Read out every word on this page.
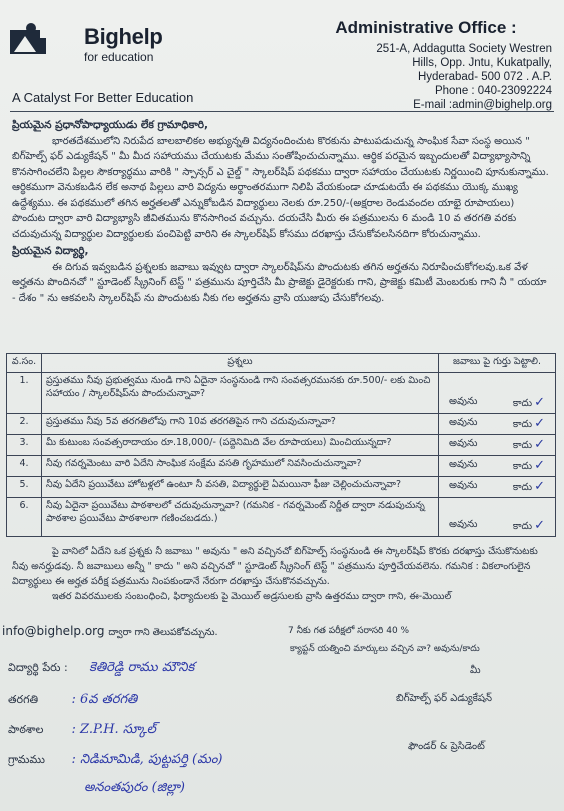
Bighelp
for education
A Catalyst For Better Education
Administrative Office :
251-A, Addagutta Society Westren
Hills, Opp. Jntu, Kukatpally,
Hyderabad- 500 072 . A.P.
Phone : 040-23092224
E-mail :admin@bighelp.org

ప్రియమైన ప్రధానోపాధ్యాయుడు లేక గ్రామాధికారి,

భారతదేశములోని నిరుపేద బాలబాలికల అభ్యున్నతి విద్యనందించుట కొరకును పాటుపడుచున్న సాంఘిక సేవా సంస్థ అయిన " బిగ్‌హెల్ప్ ఫర్ ఎడ్యుకేషన్ " మీ మీద సహాయము చేయుటకు మేము సంతోషించుచున్నాము. ఆర్థిక పరమైన ఇబ్బందులతో విద్యాభ్యాసాన్ని కొనసాగించలేని పిల్లల సౌకర్యార్థము వారికి " స్పాన్సర్ ఎ చైల్డ్ " స్కాలర్‌షిప్ పథకము ద్వారా సహాయం చేయుటకు నిర్ణయించి పూనుకున్నాము. ఆర్థికముగా వెనుకబడిన లేక అనాథ పిల్లలు వారి విద్యను అర్థాంతరముగా నిలిపి వేయకుండా చూడుటయే ఈ పథకము యొక్క ముఖ్య ఉద్దేశ్యము. ఈ పథకములో తగిన అర్హతలతో ఎన్నుకోబడిన విద్యార్థులు నెలకు రూ.250/-(అక్షరాల రెండువందల యాభై రూపాయలు) పొందుట ద్వారా వారి విద్యాభ్యాసి జీవితమును కొనసాగించ వచ్చును. దయచేసి మీరు ఈ పత్రములను 6 మండి 10 వ తరగతి వరకు చదువుచున్న విద్యార్థుల విద్యార్థులకు పంచిపెట్టి వారిని ఈ స్కాలర్‌షిప్ కోసము దరఖాస్తు చేసుకోవలసినదిగా కోరుచున్నాము.

ప్రియమైన విద్యార్థి,

ఈ దిగువ ఇవ్వబడిన ప్రశ్నలకు జవాబు ఇవ్వుట ద్వారా స్కాలర్‌షిప్‌ను పొందుటకు తగిన అర్హతను నిరూపించుకోగలవు.ఒక వేళ అర్హతను పొందినచో " స్టూడెంట్ స్క్రీనింగ్ టెస్ట్ " పత్రమును పూర్తిచేసి మీ ప్రాజెక్టు డైరెక్టరుకు గాని, ప్రాజెక్టు కమిటీ మెంబరుకు గాని నీ " యయా - దేశం " ను ఆకవలసి స్కాలర్‌షిప్ ను పొందుటకు నీకు గల అర్హతను వ్రాసి యుజుపు చేసుకోగలవు.

వ.సం.	ప్రశ్నలు	జవాబు పై గుర్తు పెట్టాలి.
1.	ప్రస్తుతము నీవు ప్రభుత్వము నుండి గాని ఏదైనా సంస్థనుండి గాని సంవత్సరమునకు రూ.500/- లకు మించి సహాయం / స్కాలర్‌షిప్‌ను పొందుచున్నావా?	అవును కాదు ✓

2.	ప్రస్తుతము నీవు 5వ తరగతిలోపు గాని 10వ తరగతిపైన గాని చదువుచున్నావా?	అవును కాదు ✓

3.	మీ కుటుంబ సంవత్సరాదాయం రూ.18,000/- (పద్దెనిమిది వేల రూపాయలు) మించియున్నదా?	అవును కాదు ✓

4.	నీవు గవర్నమెంటు వారి ఏదేని సాంఘిక సంక్షేమ వసతి గృహములో నివసించుచున్నావా?	అవును కాదు ✓

5.	నీవు ఏదేని ప్రయివేటు హోటళ్లలో ఉంటూ నీ వసతి, విద్యార్థులై ఏమయినా ఫీజు చెల్లించుచున్నావా?	అవును కాదు ✓

6.	నీవు ఏదైనా ప్రయివేటు పాఠశాలలో చదువుచున్నావా? (గమనిక - గవర్నమెంట్ నిర్ణీత ద్వారా నడుపుచున్న పాఠశాల ప్రయివేటు పాఠశాలగా గణించబడదు.)	అవును కాదు ✓

పై వానిలో ఏదేని ఒక ప్రశ్నకు నీ జవాబు " అవును " అని వచ్చినచో బిగ్‌హెల్ప్ సంస్థనుండి ఈ స్కాలర్‌షిప్ కొరకు దరఖాస్తు చేసుకొనుటకు నీవు అనర్హుడవు. నీ జవాబులు అన్నీ " కాదు " అని వచ్చినచో " స్టూడెంట్ స్క్రీనింగ్ టెస్ట్ " పత్రమును పూర్తిచేయవలెను. గమనిక : వికలాంగులైన విద్యార్థులు ఈ అర్హత పరీక్ష పత్రమును నింపకుండానే నేరుగా దరఖాస్తు చేసుకొనవచ్చును.

ఇతర వివరములకు సంబంధించి, ఫిర్యాదులకు పై మెయిల్ అడ్రసులకు వ్రాసి ఉత్తరము ద్వారా గాని, ఈ-మెయిల్

info@bighelp.org ద్వారా గాని తెలుపకోవచ్చును.	7 నీకు గత పరీక్షలో సరాసరి 40 %
క్యాప్టన్ యత్నించి మార్కులు వచ్చిన వా? అవును/కాదు
విద్యార్థి పేరు : కెతిరెడ్డి రాము మౌనిక
తరగతి	: 6వ తరగతి
పాఠశాల : Z.P.H. స్కూల్
గ్రామము : నిడిమామిడి, పుట్టపర్తి (మం)
అనంతపురం (జిల్లా)
మీ
బిగ్‌హెల్ప్ ఫర్ ఎడ్యుకేషన్
ఫౌండర్ & ప్రెసిడెంట్
